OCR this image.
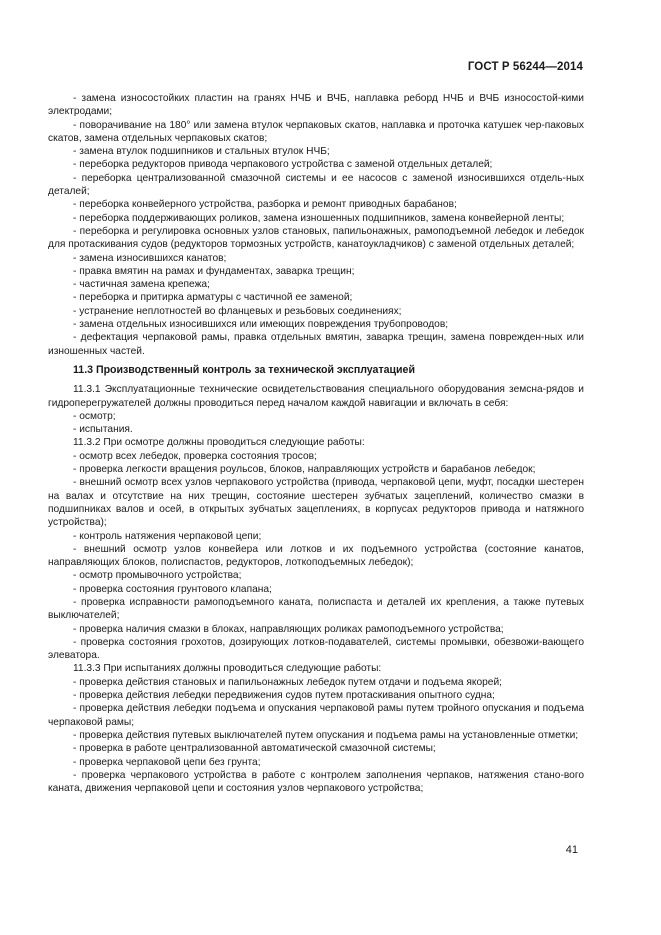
ГОСТ Р 56244—2014

- замена износостойких пластин на гранях НЧБ и ВЧБ, наплавка реборд НЧБ и ВЧБ износостой-кими электродами;

- поворачивание на 180° или замена втулок черпаковых скатов, наплавка и проточка катушек чер-паковых скатов, замена отдельных черпаковых скатов;

- замена втулок подшипников и стальных втулок НЧБ;

- переборка редукторов привода черпакового устройства с заменой отдельных деталей;

- переборка централизованной смазочной системы и ее насосов с заменой износившихся отдель-ных деталей;

- переборка конвейерного устройства, разборка и ремонт приводных барабанов;

- переборка поддерживающих роликов, замена изношенных подшипников, замена конвейерной ленты;

- переборка и регулировка основных узлов становых, папильонажных, рамоподъемной лебедок и лебедок для протаскивания судов (редукторов тормозных устройств, канатоукладчиков) с заменой отдельных деталей;

- замена износившихся канатов;

- правка вмятин на рамах и фундаментах, заварка трещин;

- частичная замена крепежа;

- переборка и притирка арматуры с частичной ее заменой;

- устранение неплотностей во фланцевых и резьбовых соединениях;

- замена отдельных износившихся или имеющих повреждения трубопроводов;

- дефектация черпаковой рамы, правка отдельных вмятин, заварка трещин, замена поврежден-ных или изношенных частей.

11.3 Производственный контроль за технической эксплуатацией

11.3.1 Эксплуатационные технические освидетельствования специального оборудования земсна-рядов и гидроперегружателей должны проводиться перед началом каждой навигации и включать в себя:

- осмотр;

- испытания.

11.3.2 При осмотре должны проводиться следующие работы:

- осмотр всех лебедок, проверка состояния тросов;

- проверка легкости вращения роульсов, блоков, направляющих устройств и барабанов лебедок;

- внешний осмотр всех узлов черпакового устройства (привода, черпаковой цепи, муфт, посадки шестерен на валах и отсутствие на них трещин, состояние шестерен зубчатых зацеплений, количество смазки в подшипниках валов и осей, в открытых зубчатых зацеплениях, в корпусах редукторов привода и натяжного устройства);

- контроль натяжения черпаковой цепи;

- внешний осмотр узлов конвейера или лотков и их подъемного устройства (состояние канатов, направляющих блоков, полиспастов, редукторов, лоткоподъемных лебедок);

- осмотр промывочного устройства;

- проверка состояния грунтового клапана;

- проверка исправности рамоподъемного каната, полиспаста и деталей их крепления, а также путевых выключателей;

- проверка наличия смазки в блоках, направляющих роликах рамоподъемного устройства;

- проверка состояния грохотов, дозирующих лотков-подавателей, системы промывки, обезвожи-вающего элеватора.

11.3.3 При испытаниях должны проводиться следующие работы:

- проверка действия становых и папильонажных лебедок путем отдачи и подъема якорей;

- проверка действия лебедки передвижения судов путем протаскивания опытного судна;

- проверка действия лебедки подъема и опускания черпаковой рамы путем тройного опускания и подъема черпаковой рамы;

- проверка действия путевых выключателей путем опускания и подъема рамы на установленные отметки;

- проверка в работе централизованной автоматической смазочной системы;

- проверка черпаковой цепи без грунта;

- проверка черпакового устройства в работе с контролем заполнения черпаков, натяжения стано-вого каната, движения черпаковой цепи и состояния узлов черпакового устройства;

41
